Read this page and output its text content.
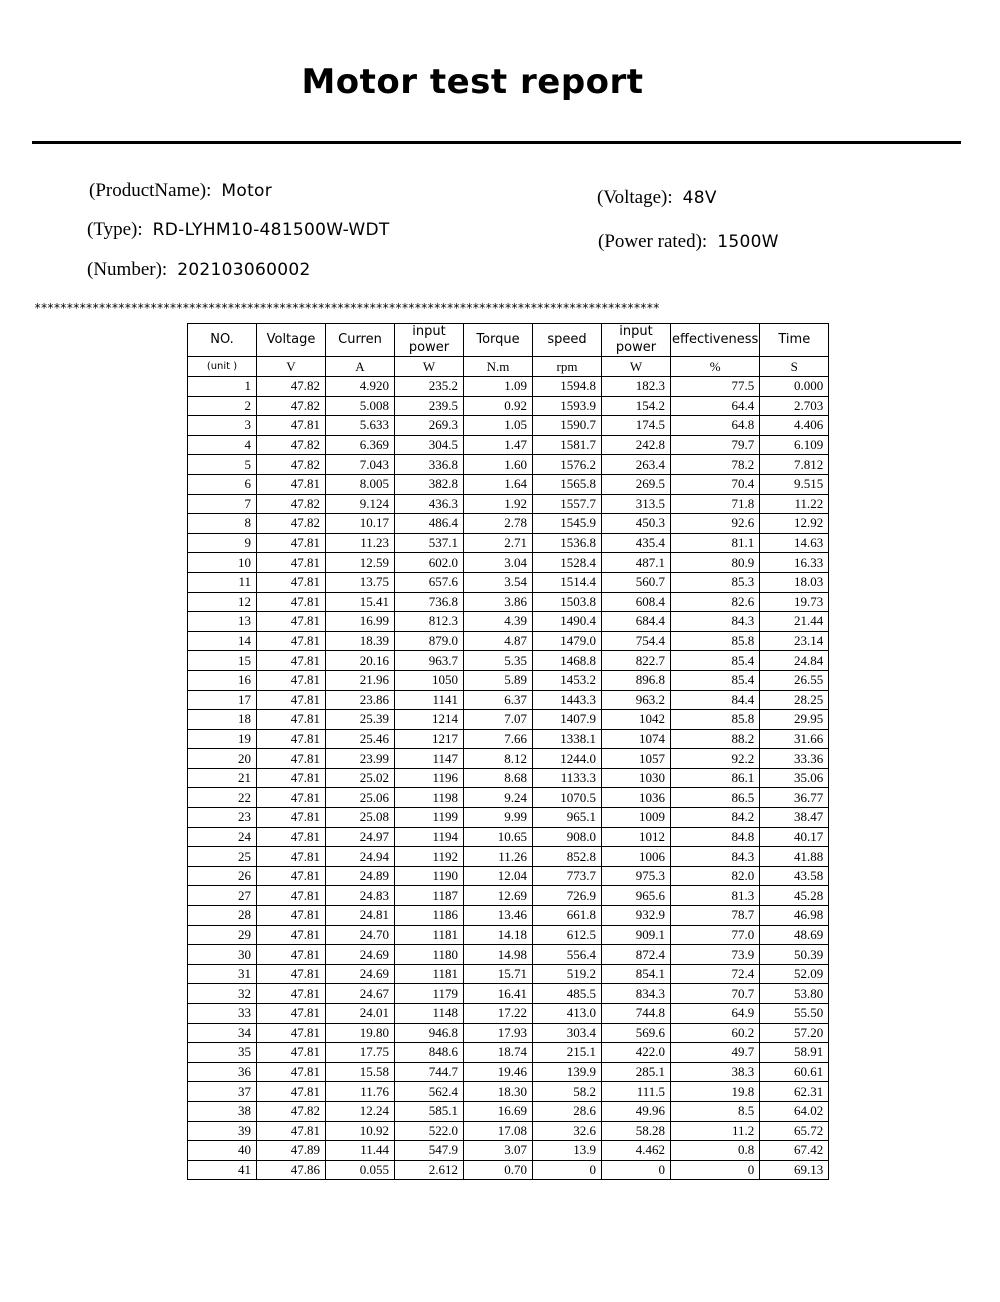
Motor test report
(ProductName): Motor
(Type): RD-LYHM10-481500W-WDT
(Number): 202103060002
(Voltage): 48V
(Power rated): 1500W
*************************************************************************************************
NO.	Voltage	Curren	input power	Torque	speed	input power	effectiveness	Time
(unit )	V	A	W	N.m	rpm	W	%	S
1	47.82	4.920	235.2	1.09	1594.8	182.3	77.5	0.000
2	47.82	5.008	239.5	0.92	1593.9	154.2	64.4	2.703
3	47.81	5.633	269.3	1.05	1590.7	174.5	64.8	4.406
4	47.82	6.369	304.5	1.47	1581.7	242.8	79.7	6.109
5	47.82	7.043	336.8	1.60	1576.2	263.4	78.2	7.812
6	47.81	8.005	382.8	1.64	1565.8	269.5	70.4	9.515
7	47.82	9.124	436.3	1.92	1557.7	313.5	71.8	11.22
8	47.82	10.17	486.4	2.78	1545.9	450.3	92.6	12.92
9	47.81	11.23	537.1	2.71	1536.8	435.4	81.1	14.63
10	47.81	12.59	602.0	3.04	1528.4	487.1	80.9	16.33
11	47.81	13.75	657.6	3.54	1514.4	560.7	85.3	18.03
12	47.81	15.41	736.8	3.86	1503.8	608.4	82.6	19.73
13	47.81	16.99	812.3	4.39	1490.4	684.4	84.3	21.44
14	47.81	18.39	879.0	4.87	1479.0	754.4	85.8	23.14
15	47.81	20.16	963.7	5.35	1468.8	822.7	85.4	24.84
16	47.81	21.96	1050	5.89	1453.2	896.8	85.4	26.55
17	47.81	23.86	1141	6.37	1443.3	963.2	84.4	28.25
18	47.81	25.39	1214	7.07	1407.9	1042	85.8	29.95
19	47.81	25.46	1217	7.66	1338.1	1074	88.2	31.66
20	47.81	23.99	1147	8.12	1244.0	1057	92.2	33.36
21	47.81	25.02	1196	8.68	1133.3	1030	86.1	35.06
22	47.81	25.06	1198	9.24	1070.5	1036	86.5	36.77
23	47.81	25.08	1199	9.99	965.1	1009	84.2	38.47
24	47.81	24.97	1194	10.65	908.0	1012	84.8	40.17
25	47.81	24.94	1192	11.26	852.8	1006	84.3	41.88
26	47.81	24.89	1190	12.04	773.7	975.3	82.0	43.58
27	47.81	24.83	1187	12.69	726.9	965.6	81.3	45.28
28	47.81	24.81	1186	13.46	661.8	932.9	78.7	46.98
29	47.81	24.70	1181	14.18	612.5	909.1	77.0	48.69
30	47.81	24.69	1180	14.98	556.4	872.4	73.9	50.39
31	47.81	24.69	1181	15.71	519.2	854.1	72.4	52.09
32	47.81	24.67	1179	16.41	485.5	834.3	70.7	53.80
33	47.81	24.01	1148	17.22	413.0	744.8	64.9	55.50
34	47.81	19.80	946.8	17.93	303.4	569.6	60.2	57.20
35	47.81	17.75	848.6	18.74	215.1	422.0	49.7	58.91
36	47.81	15.58	744.7	19.46	139.9	285.1	38.3	60.61
37	47.81	11.76	562.4	18.30	58.2	111.5	19.8	62.31
38	47.82	12.24	585.1	16.69	28.6	49.96	8.5	64.02
39	47.81	10.92	522.0	17.08	32.6	58.28	11.2	65.72
40	47.89	11.44	547.9	3.07	13.9	4.462	0.8	67.42
41	47.86	0.055	2.612	0.70	0	0	0	69.13
